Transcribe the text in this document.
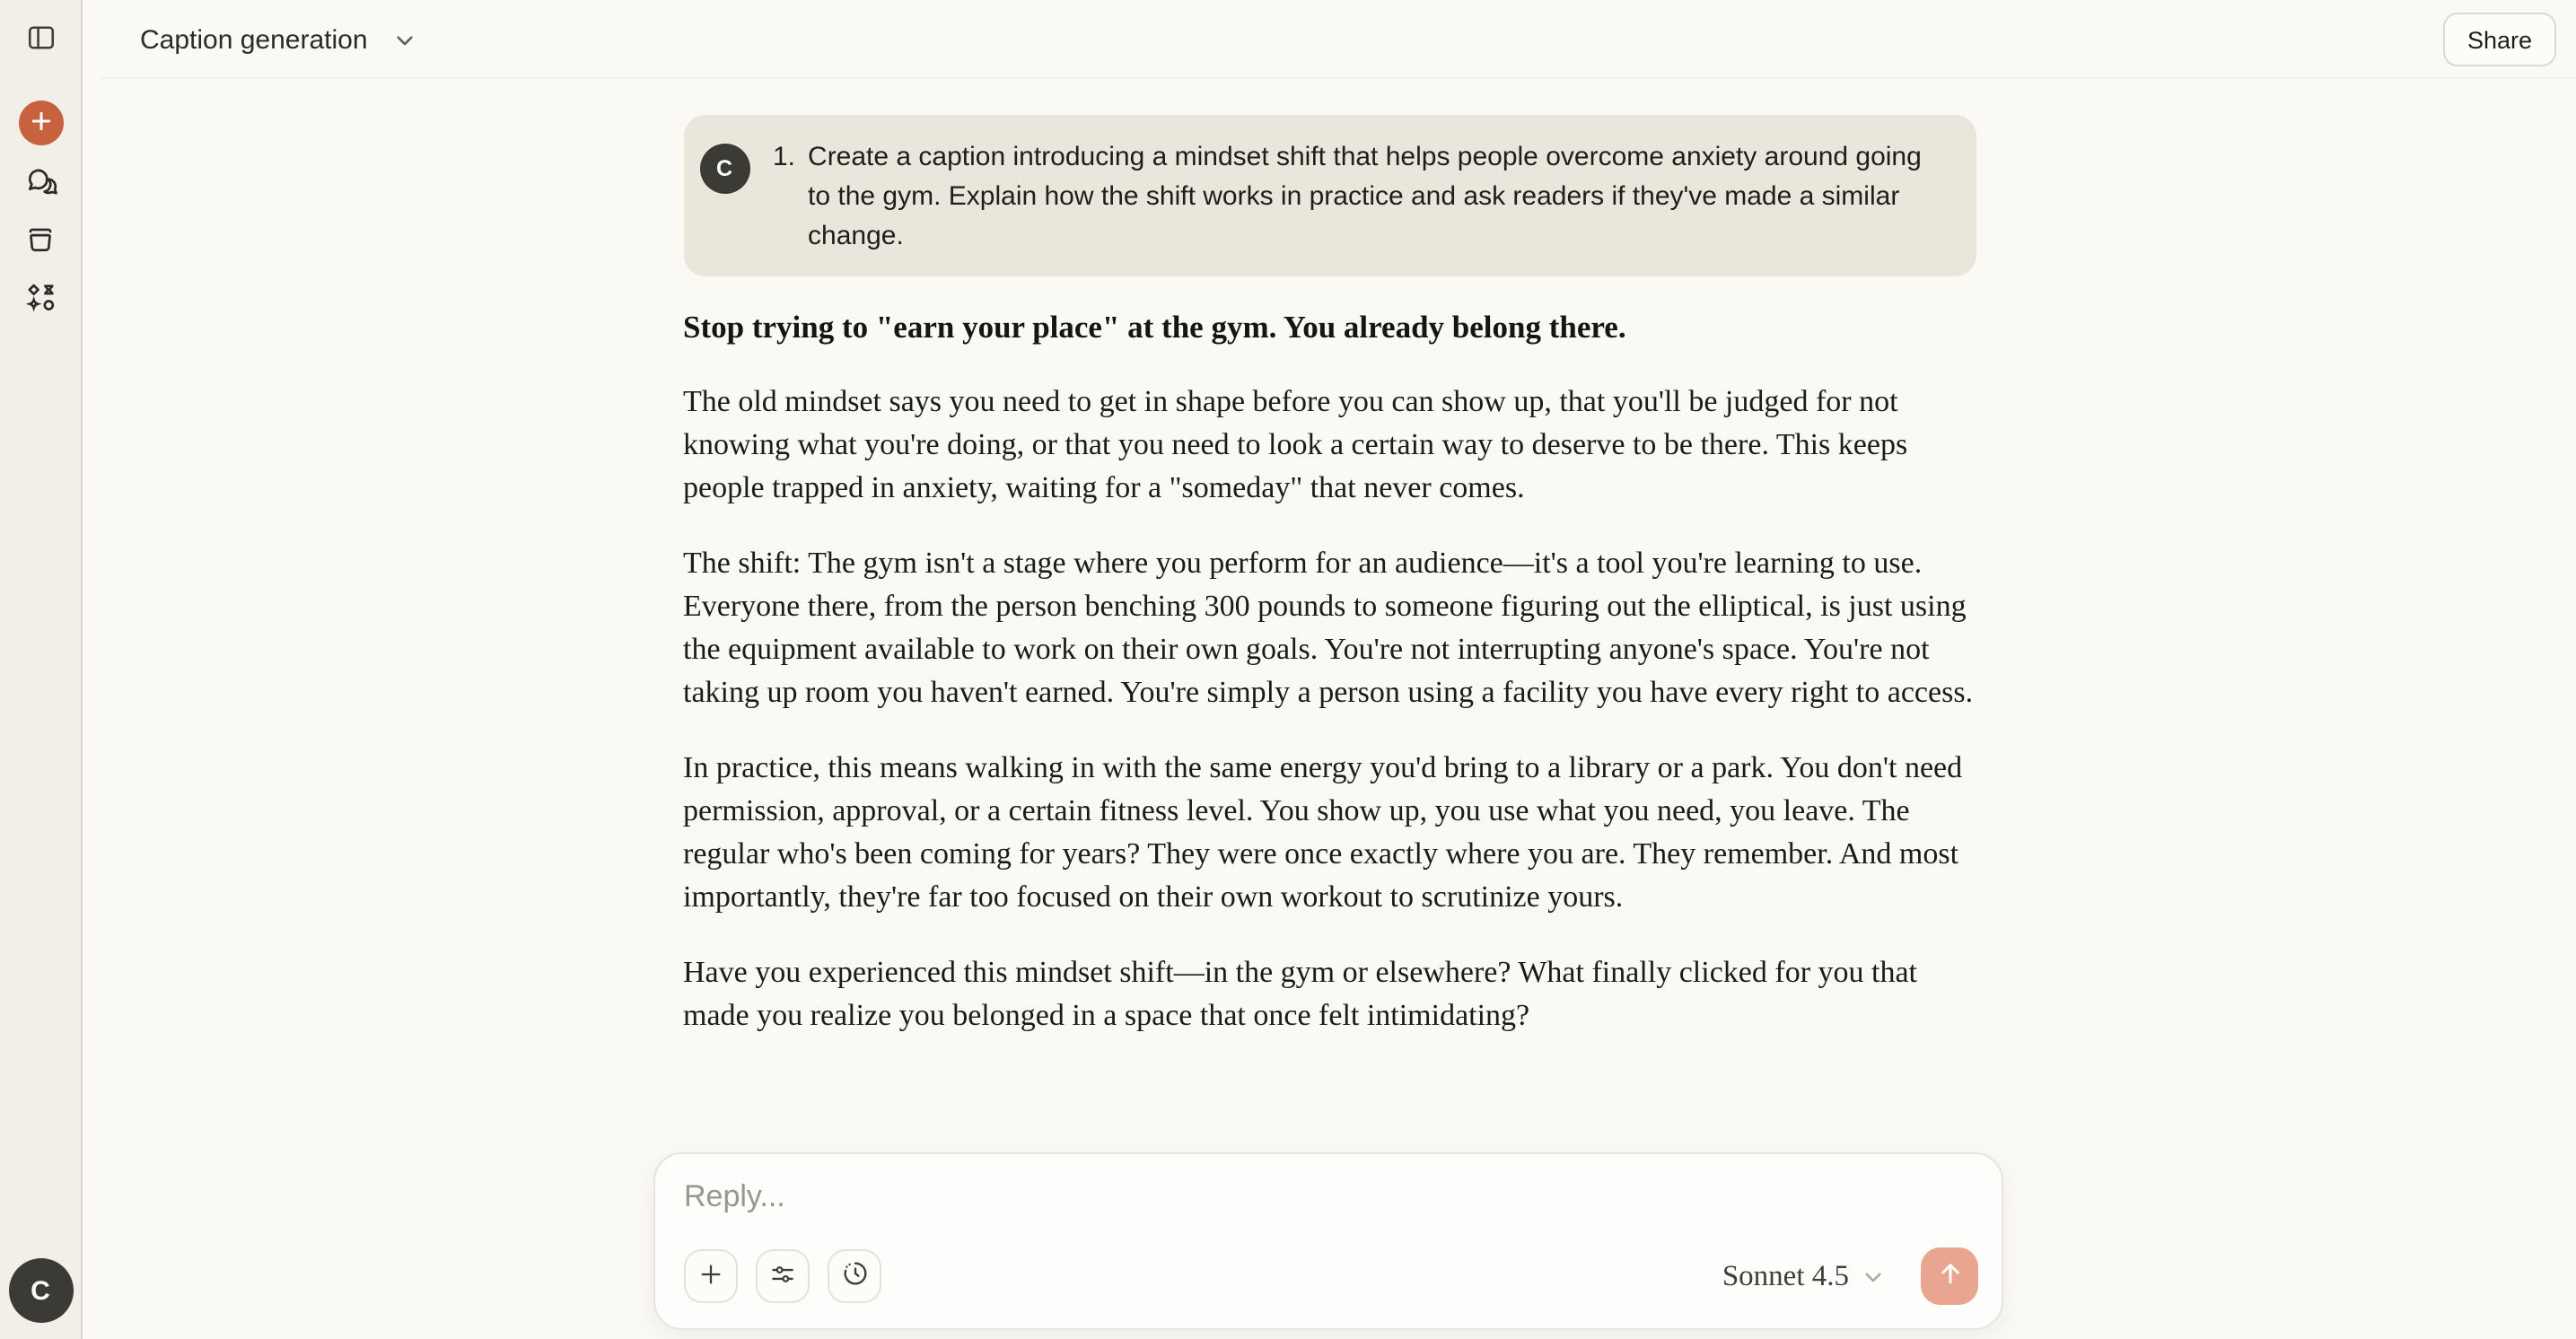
C
Caption generation	Share
C	1. Create a caption introducing a mindset shift that helps people overcome anxiety around going to the gym. Explain how the shift works in practice and ask readers if they've made a similar change.
Stop trying to "earn your place" at the gym. You already belong there.

The old mindset says you need to get in shape before you can show up, that you'll be judged for not knowing what you're doing, or that you need to look a certain way to deserve to be there. This keeps people trapped in anxiety, waiting for a "someday" that never comes.

The shift: The gym isn't a stage where you perform for an audience—it's a tool you're learning to use. Everyone there, from the person benching 300 pounds to someone figuring out the elliptical, is just using the equipment available to work on their own goals. You're not interrupting anyone's space. You're not taking up room you haven't earned. You're simply a person using a facility you have every right to access.

In practice, this means walking in with the same energy you'd bring to a library or a park. You don't need permission, approval, or a certain fitness level. You show up, you use what you need, you leave. The regular who's been coming for years? They were once exactly where you are. They remember. And most importantly, they're far too focused on their own workout to scrutinize yours.

Have you experienced this mindset shift—in the gym or elsewhere? What finally clicked for you that made you realize you belonged in a space that once felt intimidating?

Reply...
Sonnet 4.5
